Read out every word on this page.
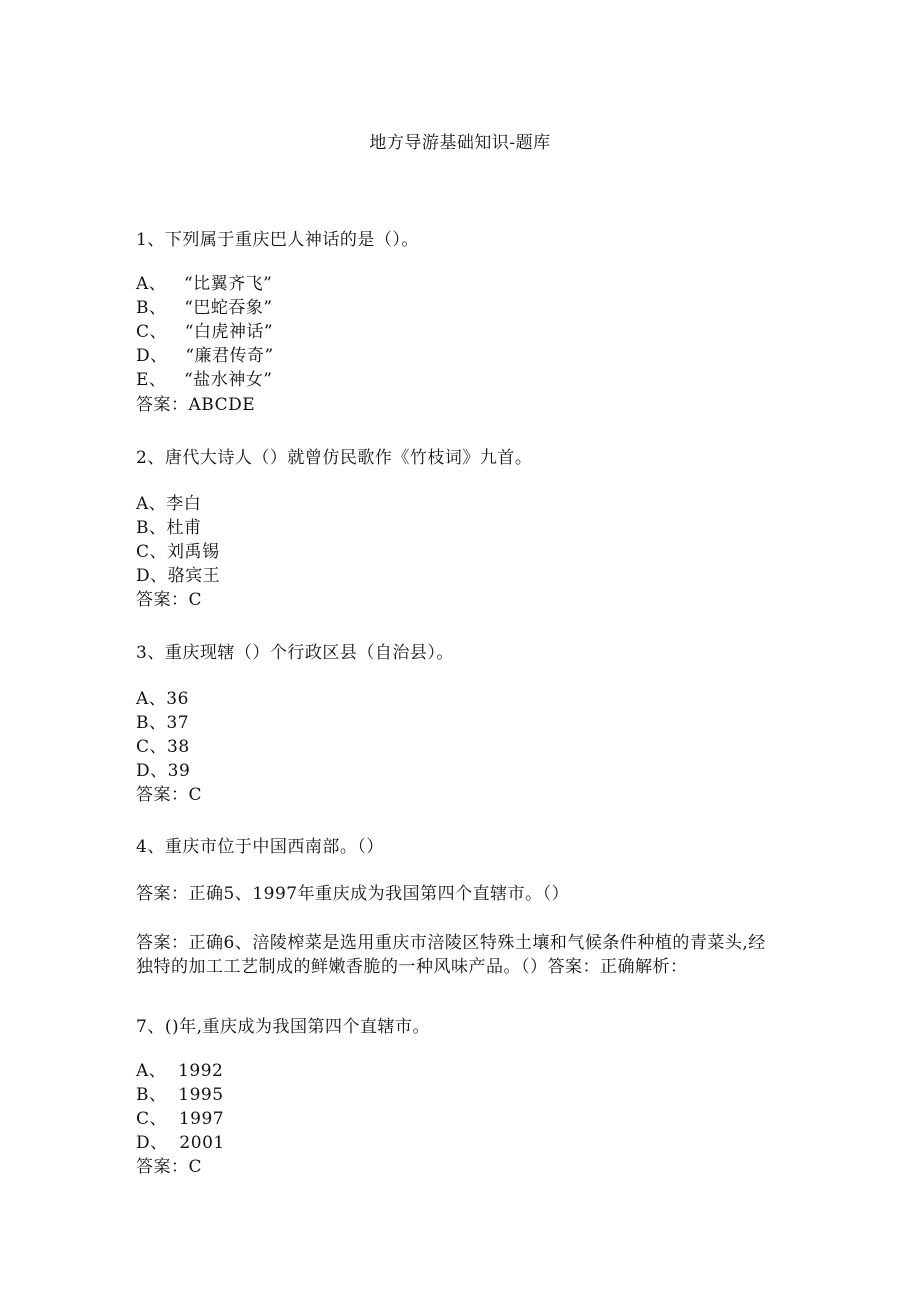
地方导游基础知识-题库
1、下列属于重庆巴人神话的是（）。
A、   “比翼齐飞”
B、   “巴蛇吞象”
C、   “白虎神话”
D、   “廉君传奇”
E、   “盐水神女”
答案：ABCDE
2、唐代大诗人（）就曾仿民歌作《竹枝词》九首。
A、李白
B、杜甫
C、刘禹锡
D、骆宾王
答案：C
3、重庆现辖（）个行政区县（自治县）。
A、36
B、37
C、38
D、39
答案：C
4、重庆市位于中国西南部。（）
答案：正确5、1997年重庆成为我国第四个直辖市。（）
答案：正确6、涪陵榨菜是选用重庆市涪陵区特殊土壤和气候条件种植的青菜头,经独特的加工工艺制成的鲜嫩香脆的一种风味产品。（）答案：正确解析：
7、()年,重庆成为我国第四个直辖市。
A、  1992
B、  1995
C、  1997
D、  2001
答案：C
